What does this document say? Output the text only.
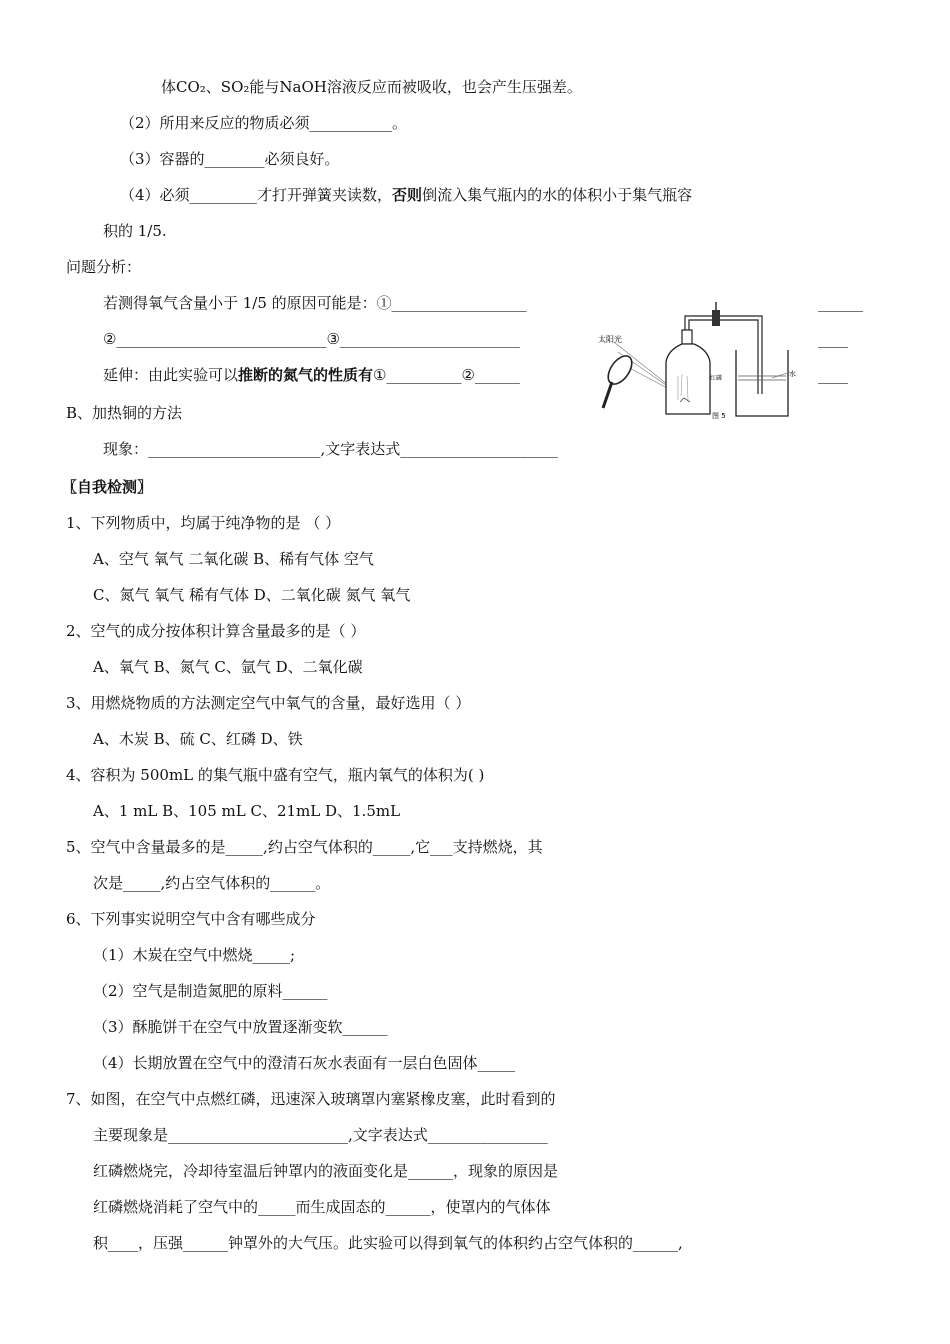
体CO₂、SO₂能与NaOH溶液反应而被吸收，也会产生压强差。
（2）所用来反应的物质必须___________。
（3）容器的________必须良好。
（4）必须_________才打开弹簧夹读数，否则倒流入集气瓶内的水的体积小于集气瓶容
积的 1/5.
问题分析：
若测得氧气含量小于 1/5 的原因可能是：①__________________
②____________________________③________________________
延伸：由此实验可以推断的氮气的性质有①__________②______
______
____
____
太阳光
红磷
水
图 5
B、加热铜的方法
现象：_______________________,文字表达式_____________________
〖自我检测〗
1、下列物质中，均属于纯净物的是 （ ）
A、空气 氧气 二氧化碳 B、稀有气体 空气
C、氮气 氧气 稀有气体 D、二氧化碳 氮气 氧气
2、空气的成分按体积计算含量最多的是（ ）
A、氧气 B、氮气 C、氩气 D、二氧化碳
3、用燃烧物质的方法测定空气中氧气的含量，最好选用（ ）
A、木炭 B、硫 C、红磷 D、铁
4、容积为 500mL 的集气瓶中盛有空气，瓶内氧气的体积为( )
A、1 mL B、105 mL C、21mL D、1.5mL
5、空气中含量最多的是_____,约占空气体积的_____,它___支持燃烧，其
次是_____,约占空气体积的______。
6、下列事实说明空气中含有哪些成分
（1）木炭在空气中燃烧_____;
（2）空气是制造氮肥的原料______
（3）酥脆饼干在空气中放置逐渐变软______
（4）长期放置在空气中的澄清石灰水表面有一层白色固体_____
7、如图，在空气中点燃红磷，迅速深入玻璃罩内塞紧橡皮塞，此时看到的
主要现象是________________________,文字表达式________________
红磷燃烧完，冷却待室温后钟罩内的液面变化是______，现象的原因是
红磷燃烧消耗了空气中的_____而生成固态的______，使罩内的气体体
积____，压强______钟罩外的大气压。此实验可以得到氧气的体积约占空气体积的______,
